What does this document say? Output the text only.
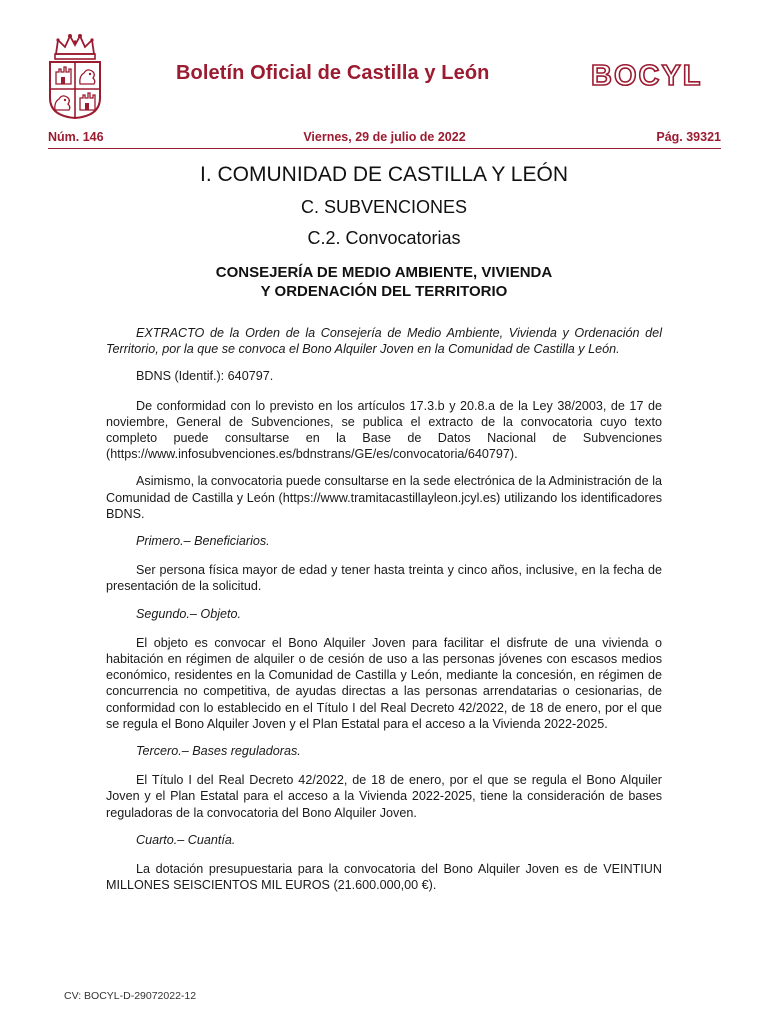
Boletín Oficial de Castilla y León	BOCYL
Núm. 146	Viernes, 29 de julio de 2022	Pág. 39321
I. COMUNIDAD DE CASTILLA Y LEÓN
C. SUBVENCIONES
C.2. Convocatorias
CONSEJERÍA DE MEDIO AMBIENTE, VIVIENDA
Y ORDENACIÓN DEL TERRITORIO

EXTRACTO de la Orden de la Consejería de Medio Ambiente, Vivienda y Ordenación del Territorio, por la que se convoca el Bono Alquiler Joven en la Comunidad de Castilla y León.

BDNS (Identif.): 640797.

De conformidad con lo previsto en los artículos 17.3.b y 20.8.a de la Ley 38/2003, de 17 de noviembre, General de Subvenciones, se publica el extracto de la convocatoria cuyo texto completo puede consultarse en la Base de Datos Nacional de Subvenciones (https://www.infosubvenciones.es/bdnstrans/GE/es/convocatoria/640797).

Asimismo, la convocatoria puede consultarse en la sede electrónica de la Administración de la Comunidad de Castilla y León (https://www.tramitacastillayleon.jcyl.es) utilizando los identificadores BDNS.

Primero.– Beneficiarios.

Ser persona física mayor de edad y tener hasta treinta y cinco años, inclusive, en la fecha de presentación de la solicitud.

Segundo.– Objeto.

El objeto es convocar el Bono Alquiler Joven para facilitar el disfrute de una vivienda o habitación en régimen de alquiler o de cesión de uso a las personas jóvenes con escasos medios económico, residentes en la Comunidad de Castilla y León, mediante la concesión, en régimen de concurrencia no competitiva, de ayudas directas a las personas arrendatarias o cesionarias, de conformidad con lo establecido en el Título I del Real Decreto 42/2022, de 18 de enero, por el que se regula el Bono Alquiler Joven y el Plan Estatal para el acceso a la Vivienda 2022-2025.

Tercero.– Bases reguladoras.

El Título I del Real Decreto 42/2022, de 18 de enero, por el que se regula el Bono Alquiler Joven y el Plan Estatal para el acceso a la Vivienda 2022-2025, tiene la consideración de bases reguladoras de la convocatoria del Bono Alquiler Joven.

Cuarto.– Cuantía.

La dotación presupuestaria para la convocatoria del Bono Alquiler Joven es de VEINTIUN MILLONES SEISCIENTOS MIL EUROS (21.600.000,00 €).

CV: BOCYL-D-29072022-12
